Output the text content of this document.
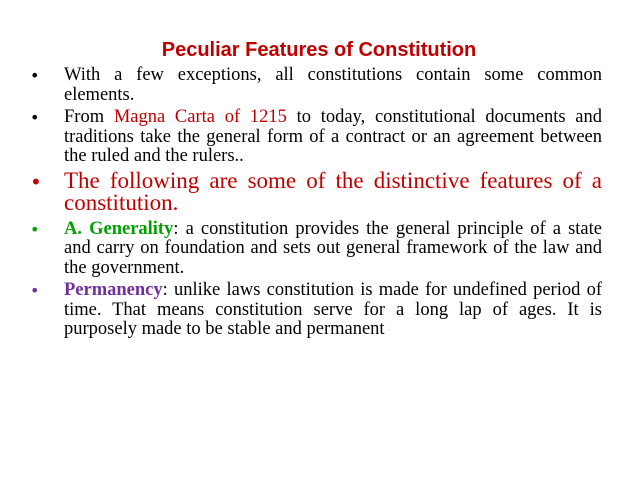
Peculiar Features of Constitution
•	With a few exceptions, all constitutions contain some common elements.
•	From Magna Carta of 1215 to today, constitutional documents and traditions take the general form of a contract or an agreement between the ruled and the rulers..
• The following are some of the distinctive features of a constitution.
•	A. Generality: a constitution provides the general principle of a state and carry on foundation and sets out general framework of the law and the government.
•	Permanency: unlike laws constitution is made for undefined period of time. That means constitution serve for a long lap of ages. It is purposely made to be stable and permanent
